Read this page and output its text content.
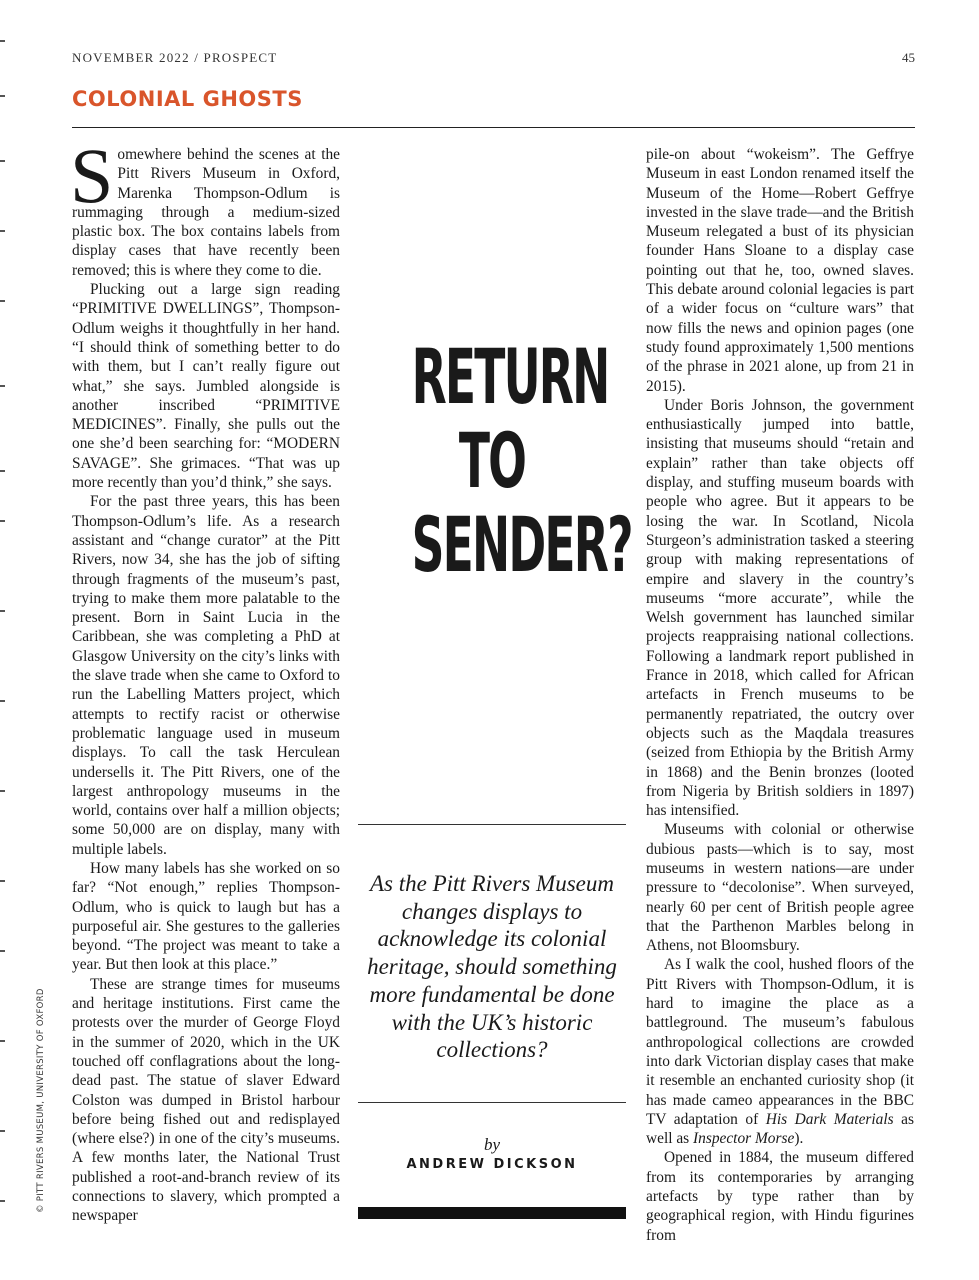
NOVEMBER 2022 / PROSPECT	45
COLONIAL GHOSTS

Somewhere behind the scenes at the Pitt Rivers Museum in Oxford, Marenka Thompson-Odlum is rummaging through a medium-sized plastic box. The box contains labels from display cases that have recently been removed; this is where they come to die.

Plucking out a large sign reading “PRIMITIVE DWELLINGS”, Thompson-Odlum weighs it thoughtfully in her hand. “I should think of something better to do with them, but I can’t really figure out what,” she says. Jumbled alongside is another inscribed “PRIMITIVE MEDICINES”. Finally, she pulls out the one she’d been searching for: “MODERN SAVAGE”. She grimaces. “That was up more recently than you’d think,” she says.

For the past three years, this has been Thompson-Odlum’s life. As a research assistant and “change curator” at the Pitt Rivers, now 34, she has the job of sifting through fragments of the museum’s past, trying to make them more palatable to the present. Born in Saint Lucia in the Caribbean, she was completing a PhD at Glasgow University on the city’s links with the slave trade when she came to Oxford to run the Labelling Matters project, which attempts to rectify racist or otherwise problematic language used in museum displays. To call the task Herculean undersells it. The Pitt Rivers, one of the largest anthropology museums in the world, contains over half a million objects; some 50,000 are on display, many with multiple labels.

How many labels has she worked on so far? “Not enough,” replies Thompson-Odlum, who is quick to laugh but has a purposeful air. She gestures to the galleries beyond. “The project was meant to take a year. But then look at this place.”

These are strange times for museums and heritage institutions. First came the protests over the murder of George Floyd in the summer of 2020, which in the UK touched off conflagrations about the long-dead past. The statue of slaver Edward Colston was dumped in Bristol harbour before being fished out and redisplayed (where else?) in one of the city’s museums. A few months later, the National Trust published a root-and-branch review of its connections to slavery, which prompted a newspaper

RETURN
TO
SENDER?
As the Pitt Rivers Museum changes displays to acknowledge its colonial heritage, should something more fundamental be done with the UK’s historic collections?
by
ANDREW DICKSON

pile-on about “wokeism”. The Geffrye Museum in east London renamed itself the Museum of the Home—Robert Geffrye invested in the slave trade—and the British Museum relegated a bust of its physician founder Hans Sloane to a display case pointing out that he, too, owned slaves. This debate around colonial legacies is part of a wider focus on “culture wars” that now fills the news and opinion pages (one study found approximately 1,500 mentions of the phrase in 2021 alone, up from 21 in 2015).

Under Boris Johnson, the government enthusiastically jumped into battle, insisting that museums should “retain and explain” rather than take objects off display, and stuffing museum boards with people who agree. But it appears to be losing the war. In Scotland, Nicola Sturgeon’s administration tasked a steering group with making representations of empire and slavery in the country’s museums “more accurate”, while the Welsh government has launched similar projects reappraising national collections. Following a landmark report published in France in 2018, which called for African artefacts in French museums to be permanently repatriated, the outcry over objects such as the Maqdala treasures (seized from Ethiopia by the British Army in 1868) and the Benin bronzes (looted from Nigeria by British soldiers in 1897) has intensified.

Museums with colonial or otherwise dubious pasts—which is to say, most museums in western nations—are under pressure to “decolonise”. When surveyed, nearly 60 per cent of British people agree that the Parthenon Marbles belong in Athens, not Bloomsbury.

As I walk the cool, hushed floors of the Pitt Rivers with Thompson-Odlum, it is hard to imagine the place as a battleground. The museum’s fabulous anthropological collections are crowded into dark Victorian display cases that make it resemble an enchanted curiosity shop (it has made cameo appearances in the BBC TV adaptation of His Dark Materials as well as Inspector Morse).

Opened in 1884, the museum differed from its contemporaries by arranging artefacts by type rather than by geographical region, with Hindu figurines from

© PITT RIVERS MUSEUM, UNIVERSITY OF OXFORD
